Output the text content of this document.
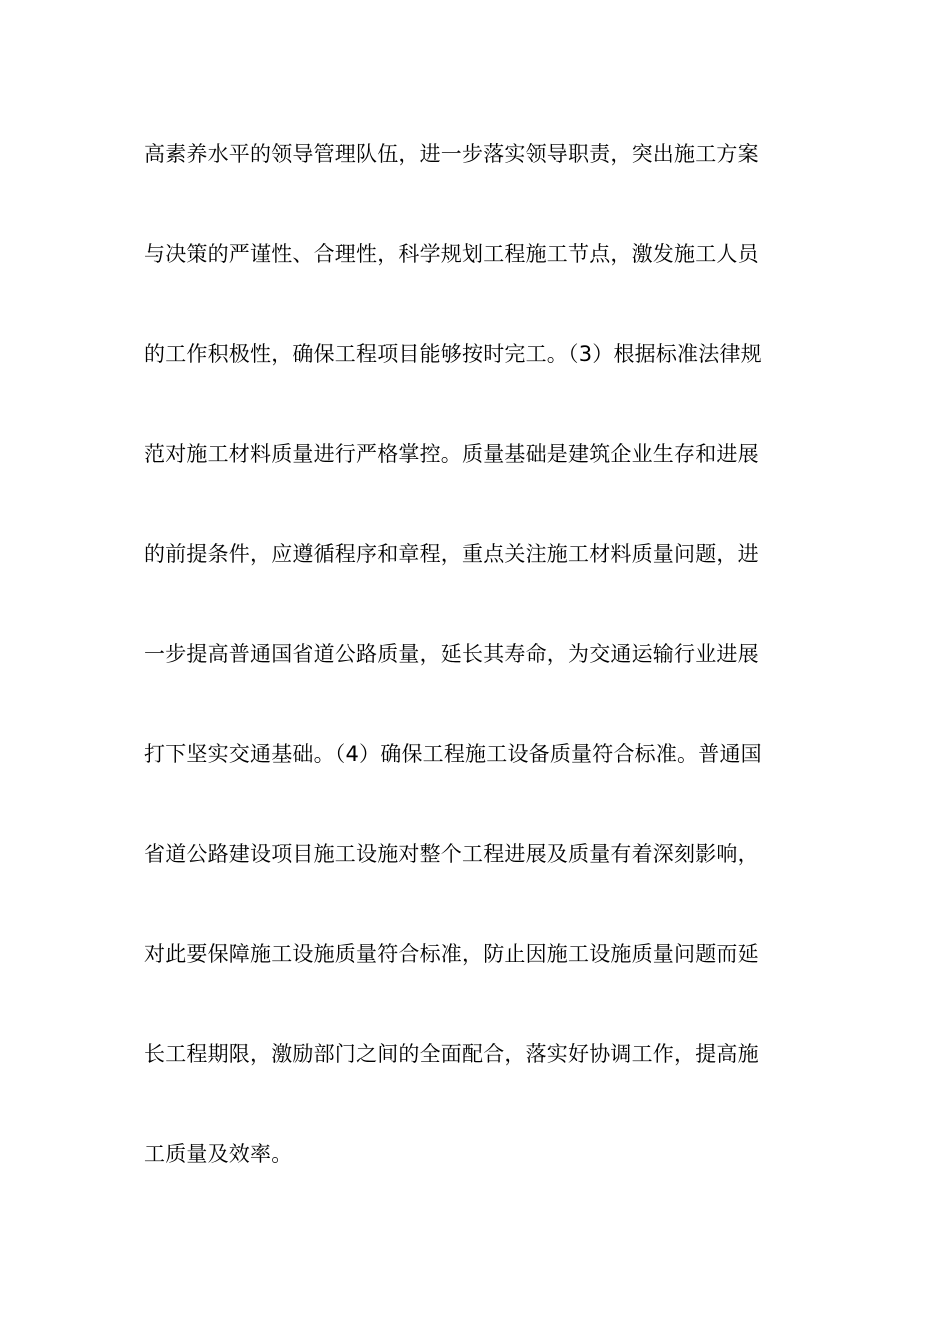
高素养水平的领导管理队伍，进一步落实领导职责，突出施工方案
与决策的严谨性、合理性，科学规划工程施工节点，激发施工人员
的工作积极性，确保工程项目能够按时完工。（3）根据标准法律规
范对施工材料质量进行严格掌控。质量基础是建筑企业生存和进展
的前提条件，应遵循程序和章程，重点关注施工材料质量问题，进
一步提高普通国省道公路质量，延长其寿命，为交通运输行业进展
打下坚实交通基础。（4）确保工程施工设备质量符合标准。普通国
省道公路建设项目施工设施对整个工程进展及质量有着深刻影响，
对此要保障施工设施质量符合标准，防止因施工设施质量问题而延
长工程期限，激励部门之间的全面配合，落实好协调工作，提高施
工质量及效率。
